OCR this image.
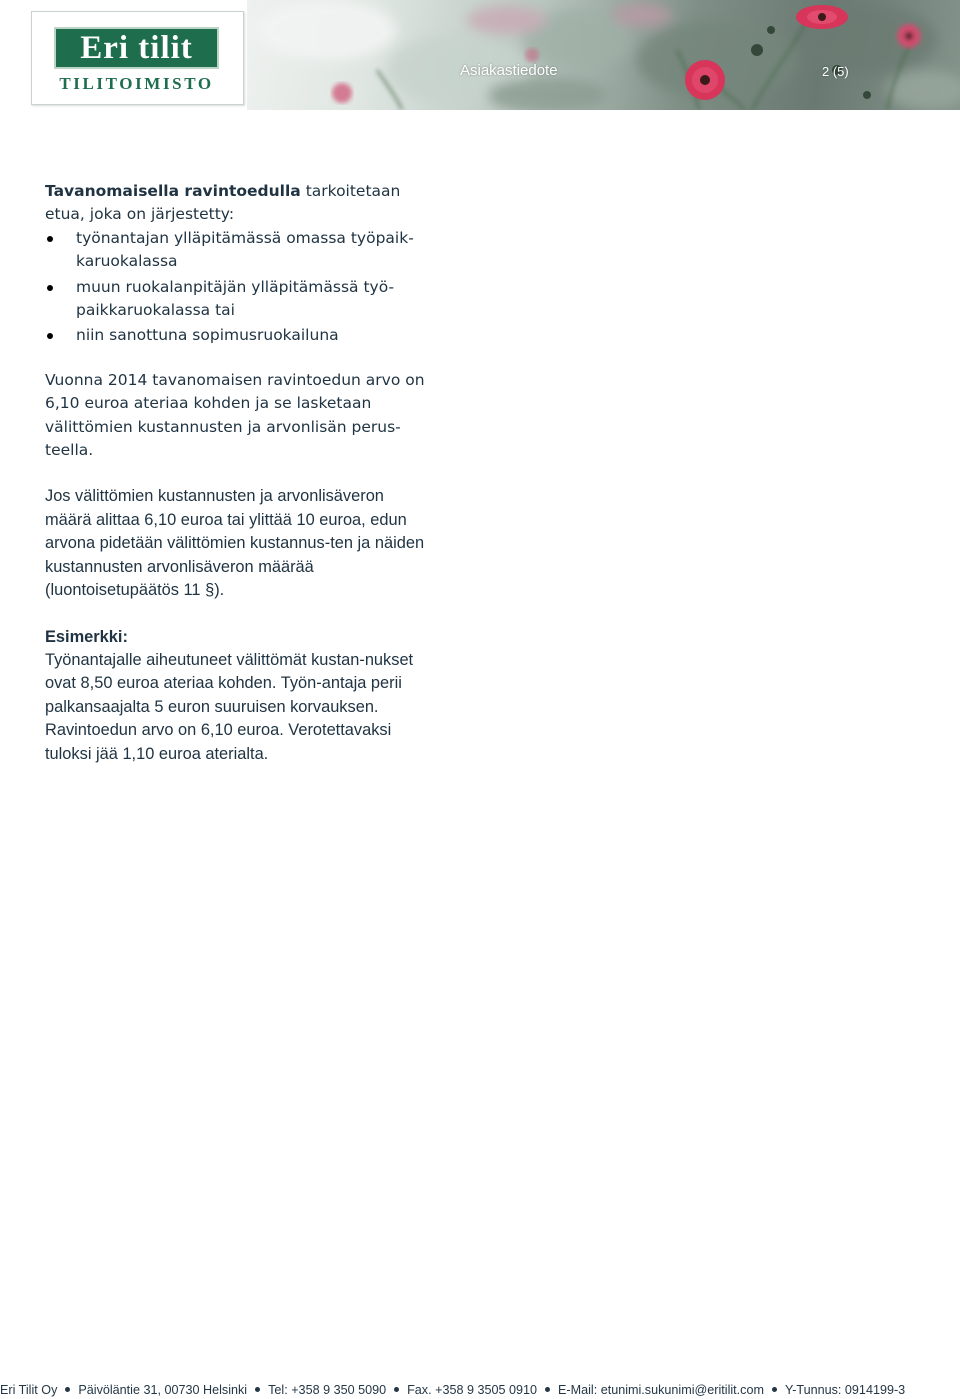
Eri tilit
TILITOIMISTO
Asiakastiedote	2 (5)

Tavanomaisella ravintoedulla tarkoitetaan etua, joka on järjestetty:

työnantajan ylläpitämässä omassa työpaik-karuokalassa
muun ruokalanpitäjän ylläpitämässä työ-paikkaruokalassa tai
niin sanottuna sopimusruokailuna

Vuonna 2014 tavanomaisen ravintoedun arvo on 6,10 euroa ateriaa kohden ja se lasketaan välittömien kustannusten ja arvonlisän perus-teella.

Jos välittömien kustannusten ja arvonlisäveron määrä alittaa 6,10 euroa tai ylittää 10 euroa, edun arvona pidetään välittömien kustannus-ten ja näiden kustannusten arvonlisäveron määrää (luontoisetupäätös 11 §).

Esimerkki:

Työnantajalle aiheutuneet välittömät kustan-nukset ovat 8,50 euroa ateriaa kohden. Työn-antaja perii palkansaajalta 5 euron suuruisen korvauksen. Ravintoedun arvo on 6,10 euroa. Verotettavaksi tuloksi jää 1,10 euroa aterialta.

Eri Tilit Oy Päivöläntie 31, 00730 Helsinki Tel: +358 9 350 5090 Fax. +358 9 3505 0910 E-Mail: etunimi.sukunimi@eritilit.com Y-Tunnus: 0914199-3
